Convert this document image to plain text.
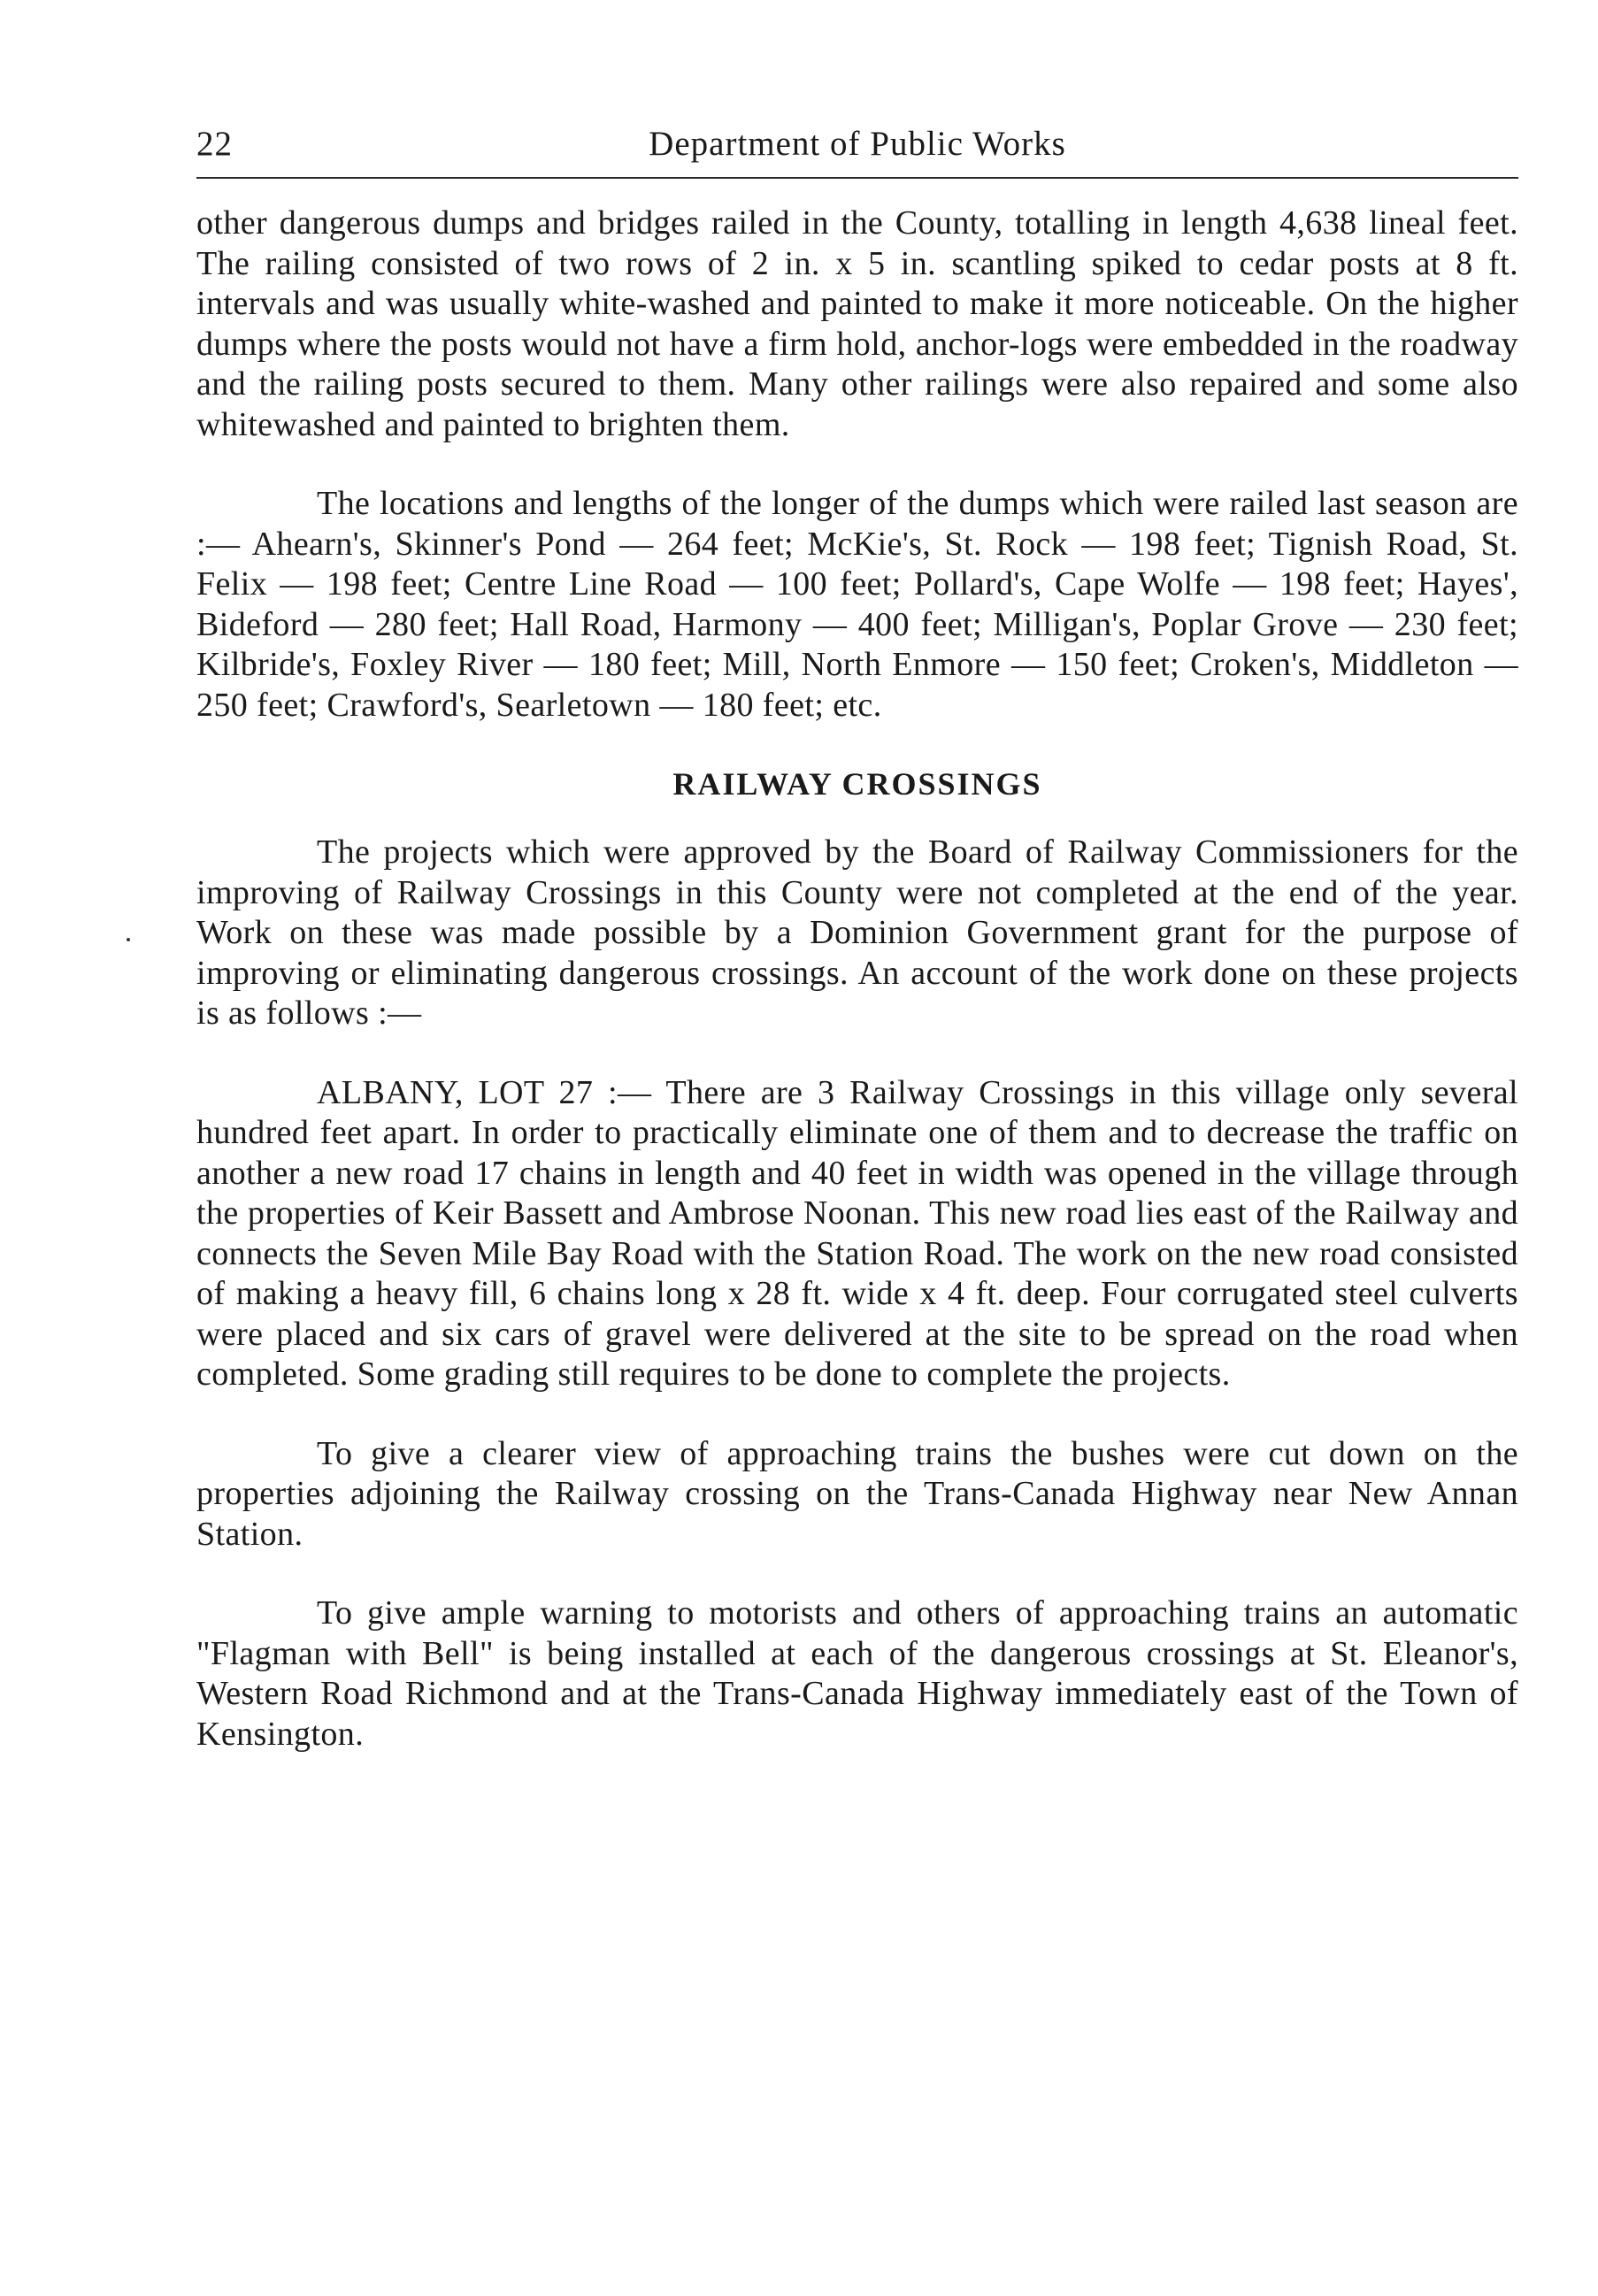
22	Department of Public Works

other dangerous dumps and bridges railed in the County, totalling in length 4,638 lineal feet. The railing consisted of two rows of 2 in. x 5 in. scantling spiked to cedar posts at 8 ft. intervals and was usually white-washed and painted to make it more noticeable. On the higher dumps where the posts would not have a firm hold, anchor-logs were embedded in the roadway and the railing posts secured to them. Many other railings were also repaired and some also whitewashed and painted to brighten them.

The locations and lengths of the longer of the dumps which were railed last season are :— Ahearn's, Skinner's Pond — 264 feet; McKie's, St. Rock — 198 feet; Tignish Road, St. Felix — 198 feet; Centre Line Road — 100 feet; Pollard's, Cape Wolfe — 198 feet; Hayes', Bideford — 280 feet; Hall Road, Harmony — 400 feet; Milligan's, Poplar Grove — 230 feet; Kilbride's, Foxley River — 180 feet; Mill, North Enmore — 150 feet; Croken's, Middleton — 250 feet; Crawford's, Searletown — 180 feet; etc.

RAILWAY CROSSINGS

The projects which were approved by the Board of Railway Commissioners for the improving of Railway Crossings in this County were not completed at the end of the year. Work on these was made possible by a Dominion Government grant for the purpose of improving or eliminating dangerous crossings. An account of the work done on these projects is as follows :—

ALBANY, LOT 27 :— There are 3 Railway Crossings in this village only several hundred feet apart. In order to practically eliminate one of them and to decrease the traffic on another a new road 17 chains in length and 40 feet in width was opened in the village through the properties of Keir Bassett and Ambrose Noonan. This new road lies east of the Railway and connects the Seven Mile Bay Road with the Station Road. The work on the new road consisted of making a heavy fill, 6 chains long x 28 ft. wide x 4 ft. deep. Four corrugated steel culverts were placed and six cars of gravel were delivered at the site to be spread on the road when completed. Some grading still requires to be done to complete the projects.

To give a clearer view of approaching trains the bushes were cut down on the properties adjoining the Railway crossing on the Trans-Canada Highway near New Annan Station.

To give ample warning to motorists and others of approaching trains an automatic "Flagman with Bell" is being installed at each of the dangerous crossings at St. Eleanor's, Western Road Richmond and at the Trans-Canada Highway immediately east of the Town of Kensington.
